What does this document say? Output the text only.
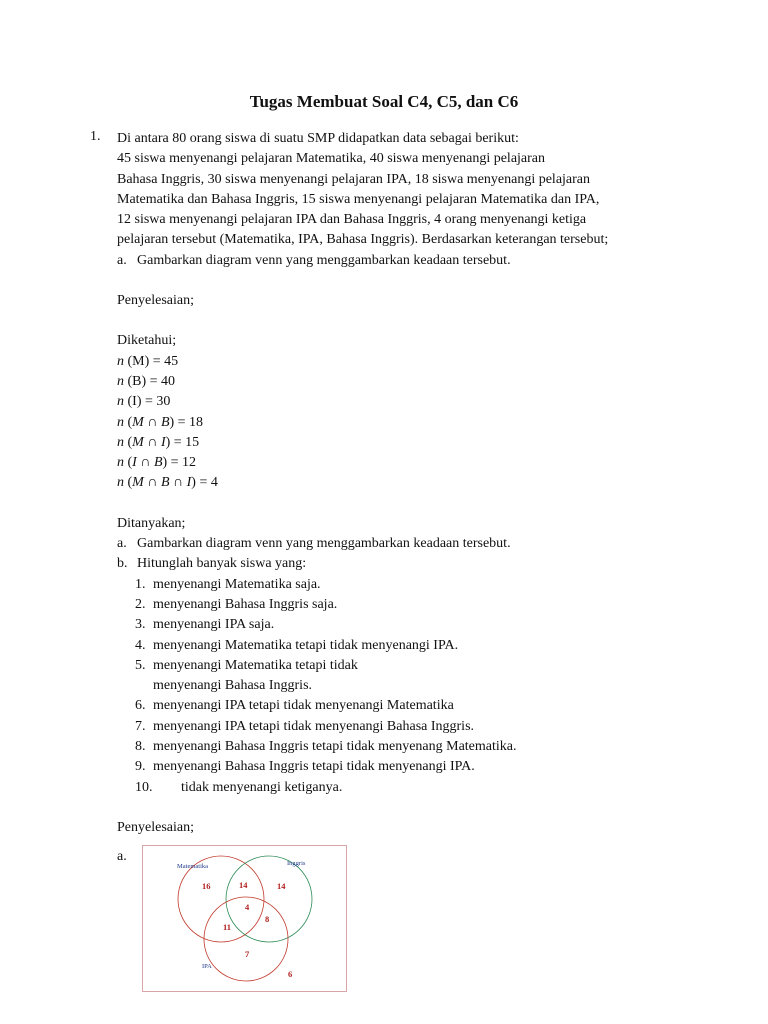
Tugas Membuat Soal C4, C5, dan C6
1. Di antara 80 orang siswa di suatu SMP didapatkan data sebagai berikut:

45 siswa menyenangi pelajaran Matematika, 40 siswa menyenangi pelajaran

Bahasa Inggris, 30 siswa menyenangi pelajaran IPA, 18 siswa menyenangi pelajaran

Matematika dan Bahasa Inggris, 15 siswa menyenangi pelajaran Matematika dan IPA,

12 siswa menyenangi pelajaran IPA dan Bahasa Inggris, 4 orang menyenangi ketiga

pelajaran tersebut (Matematika, IPA, Bahasa Inggris). Berdasarkan keterangan tersebut;

a. Gambarkan diagram venn yang menggambarkan keadaan tersebut.

Penyelesaian;

Diketahui;

n (M) = 45

n (B) = 40

n (I) = 30

n (M ∩ B) = 18

n (M ∩ I) = 15

n (I ∩ B) = 12

n (M ∩ B ∩ I) = 4

Ditanyakan;

a. Gambarkan diagram venn yang menggambarkan keadaan tersebut.
b. Hitunglah banyak siswa yang:
1. menyenangi Matematika saja.
2. menyenangi Bahasa Inggris saja.
3. menyenangi IPA saja.
4. menyenangi Matematika tetapi tidak menyenangi IPA.
5. menyenangi Matematika tetapi tidak
menyenangi Bahasa Inggris.
6. menyenangi IPA tetapi tidak menyenangi Matematika
7. menyenangi IPA tetapi tidak menyenangi Bahasa Inggris.
8. menyenangi Bahasa Inggris tetapi tidak menyenang Matematika.
9. menyenangi Bahasa Inggris tetapi tidak menyenangi IPA.
10.	tidak menyenangi ketiganya.

Penyelesaian;

a.
Matematika	Inggris
IPA
16	14	14
4
8
11
7
6
